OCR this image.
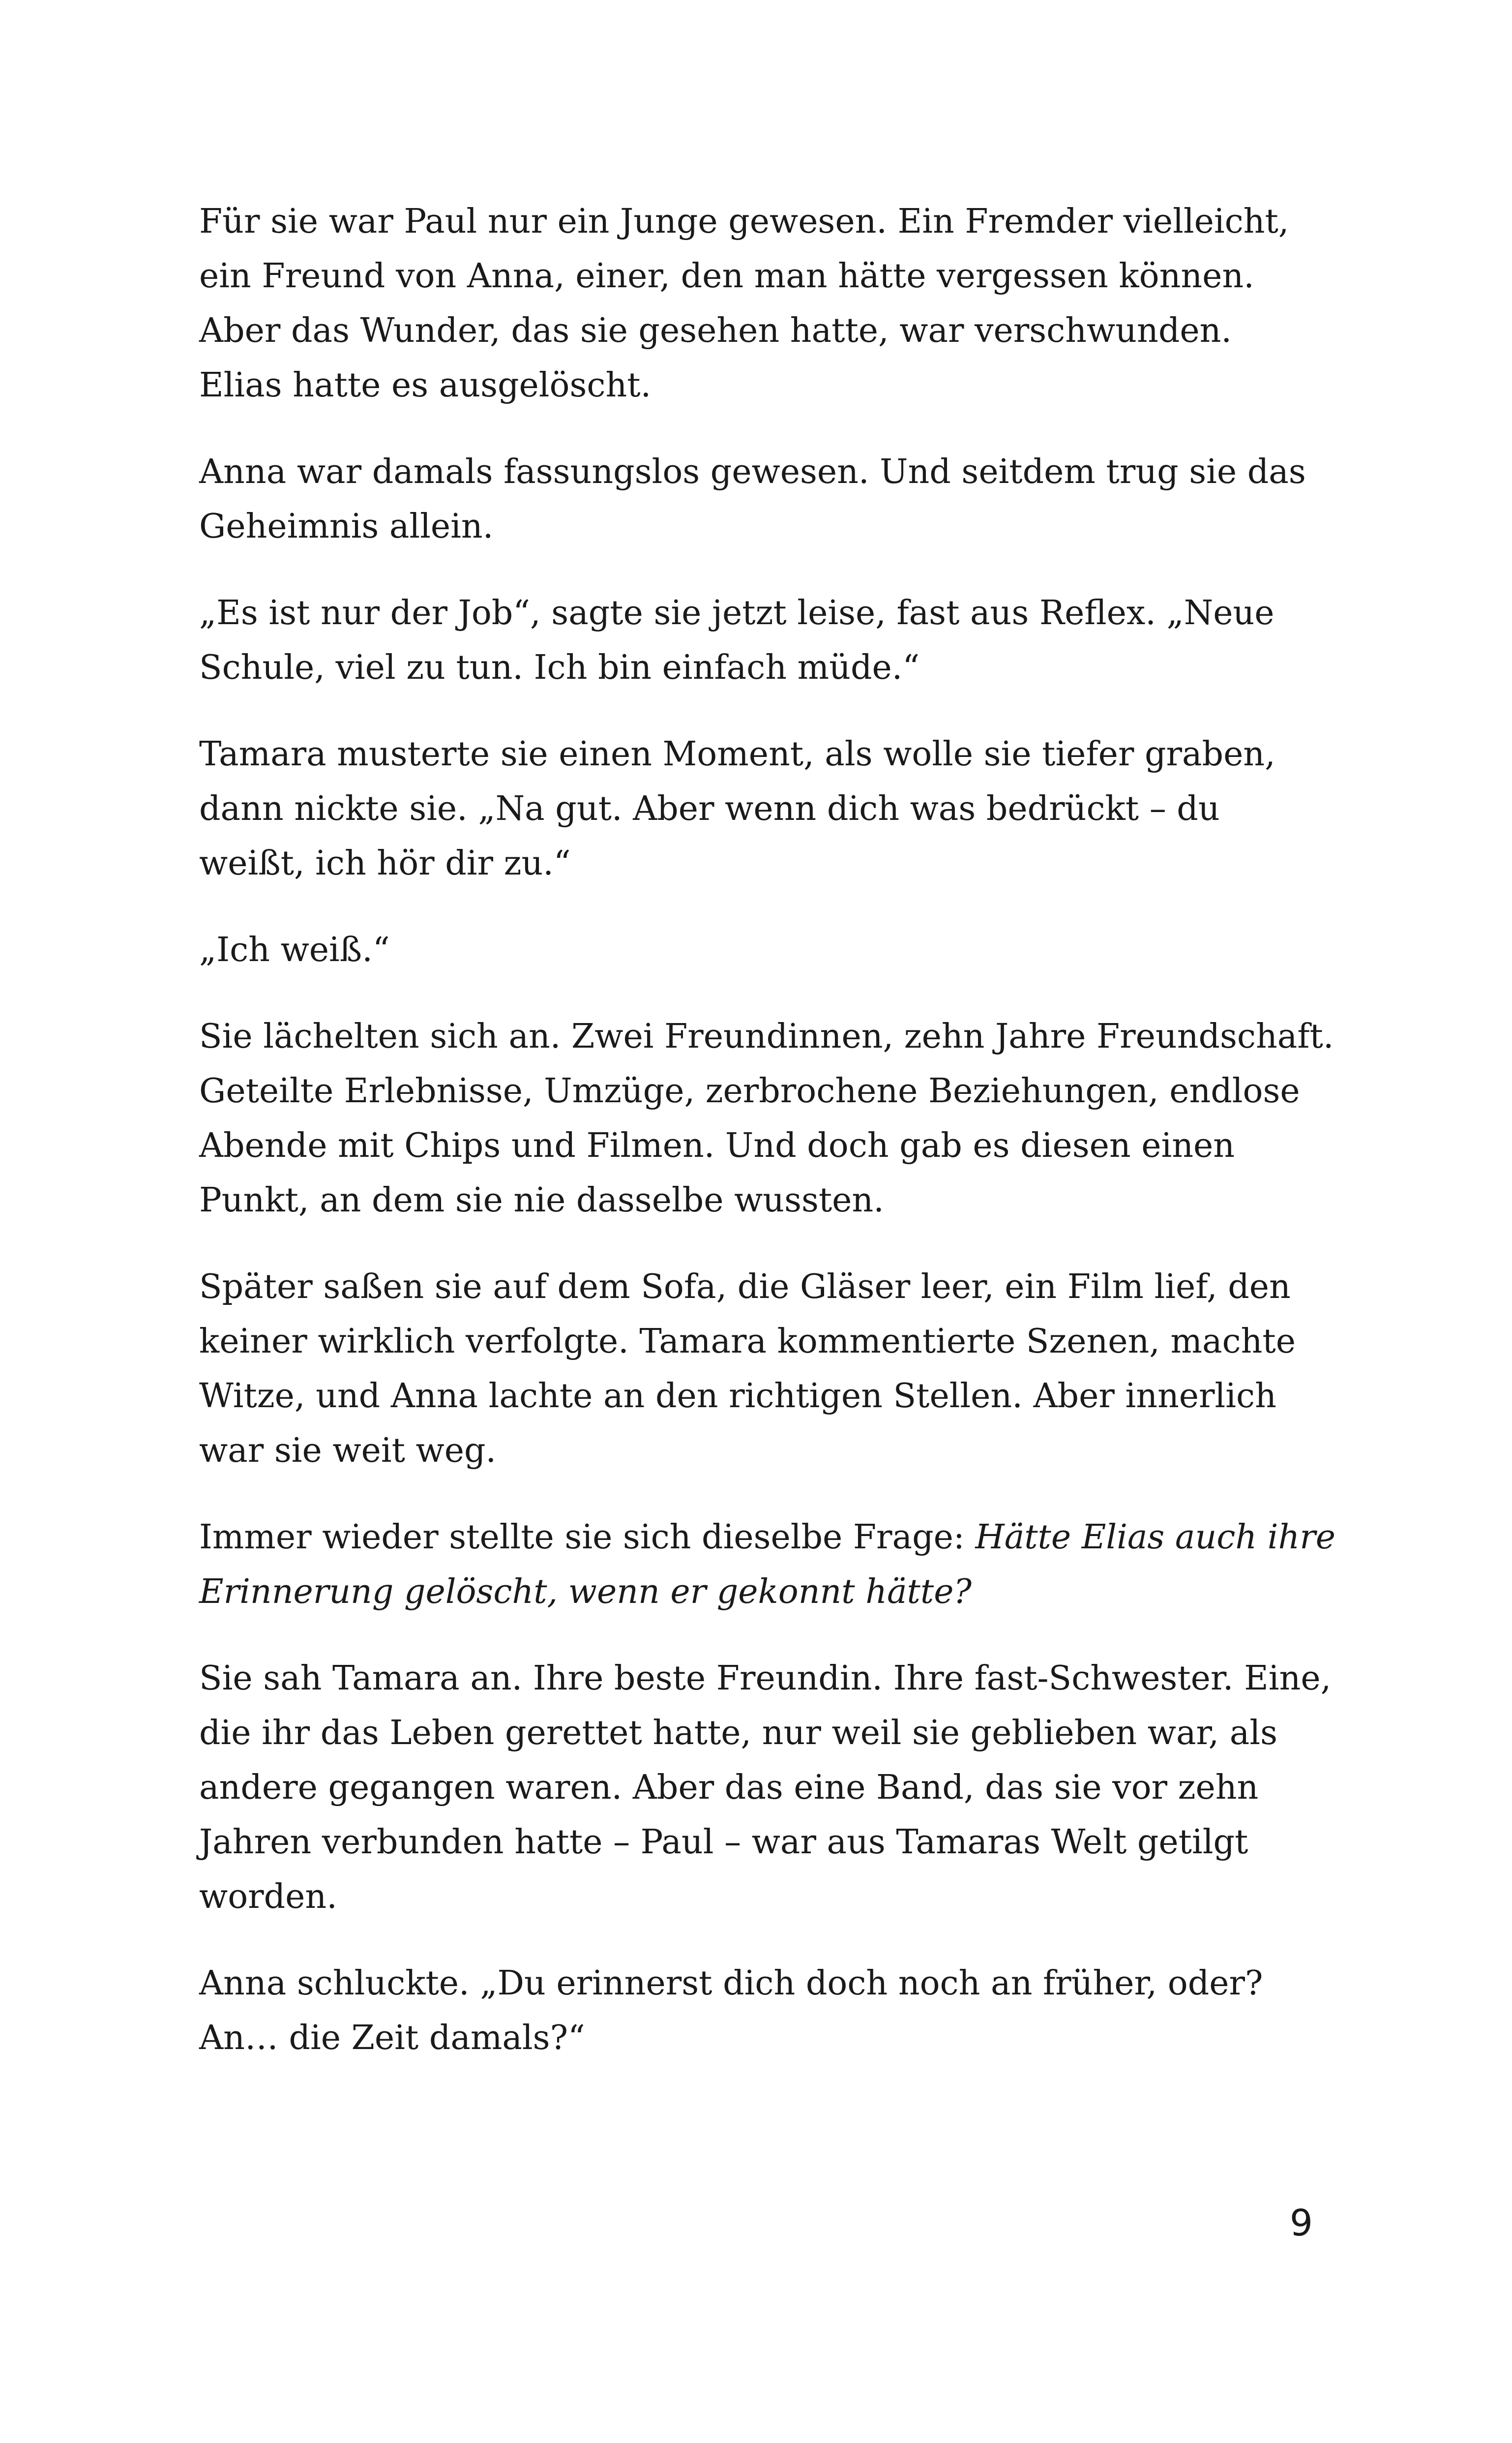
Für sie war Paul nur ein Junge gewesen. Ein Fremder vielleicht,
ein Freund von Anna, einer, den man hätte vergessen können.
Aber das Wunder, das sie gesehen hatte, war verschwunden.
Elias hatte es ausgelöscht.

Anna war damals fassungslos gewesen. Und seitdem trug sie das
Geheimnis allein.

„Es ist nur der Job“, sagte sie jetzt leise, fast aus Reflex. „Neue
Schule, viel zu tun. Ich bin einfach müde.“

Tamara musterte sie einen Moment, als wolle sie tiefer graben,
dann nickte sie. „Na gut. Aber wenn dich was bedrückt – du
weißt, ich hör dir zu.“

„Ich weiß.“

Sie lächelten sich an. Zwei Freundinnen, zehn Jahre Freundschaft.
Geteilte Erlebnisse, Umzüge, zerbrochene Beziehungen, endlose
Abende mit Chips und Filmen. Und doch gab es diesen einen
Punkt, an dem sie nie dasselbe wussten.

Später saßen sie auf dem Sofa, die Gläser leer, ein Film lief, den
keiner wirklich verfolgte. Tamara kommentierte Szenen, machte
Witze, und Anna lachte an den richtigen Stellen. Aber innerlich
war sie weit weg.

Immer wieder stellte sie sich dieselbe Frage: Hätte Elias auch ihre
Erinnerung gelöscht, wenn er gekonnt hätte?

Sie sah Tamara an. Ihre beste Freundin. Ihre fast-Schwester. Eine,
die ihr das Leben gerettet hatte, nur weil sie geblieben war, als
andere gegangen waren. Aber das eine Band, das sie vor zehn
Jahren verbunden hatte – Paul – war aus Tamaras Welt getilgt
worden.

Anna schluckte. „Du erinnerst dich doch noch an früher, oder?
An… die Zeit damals?“

9
